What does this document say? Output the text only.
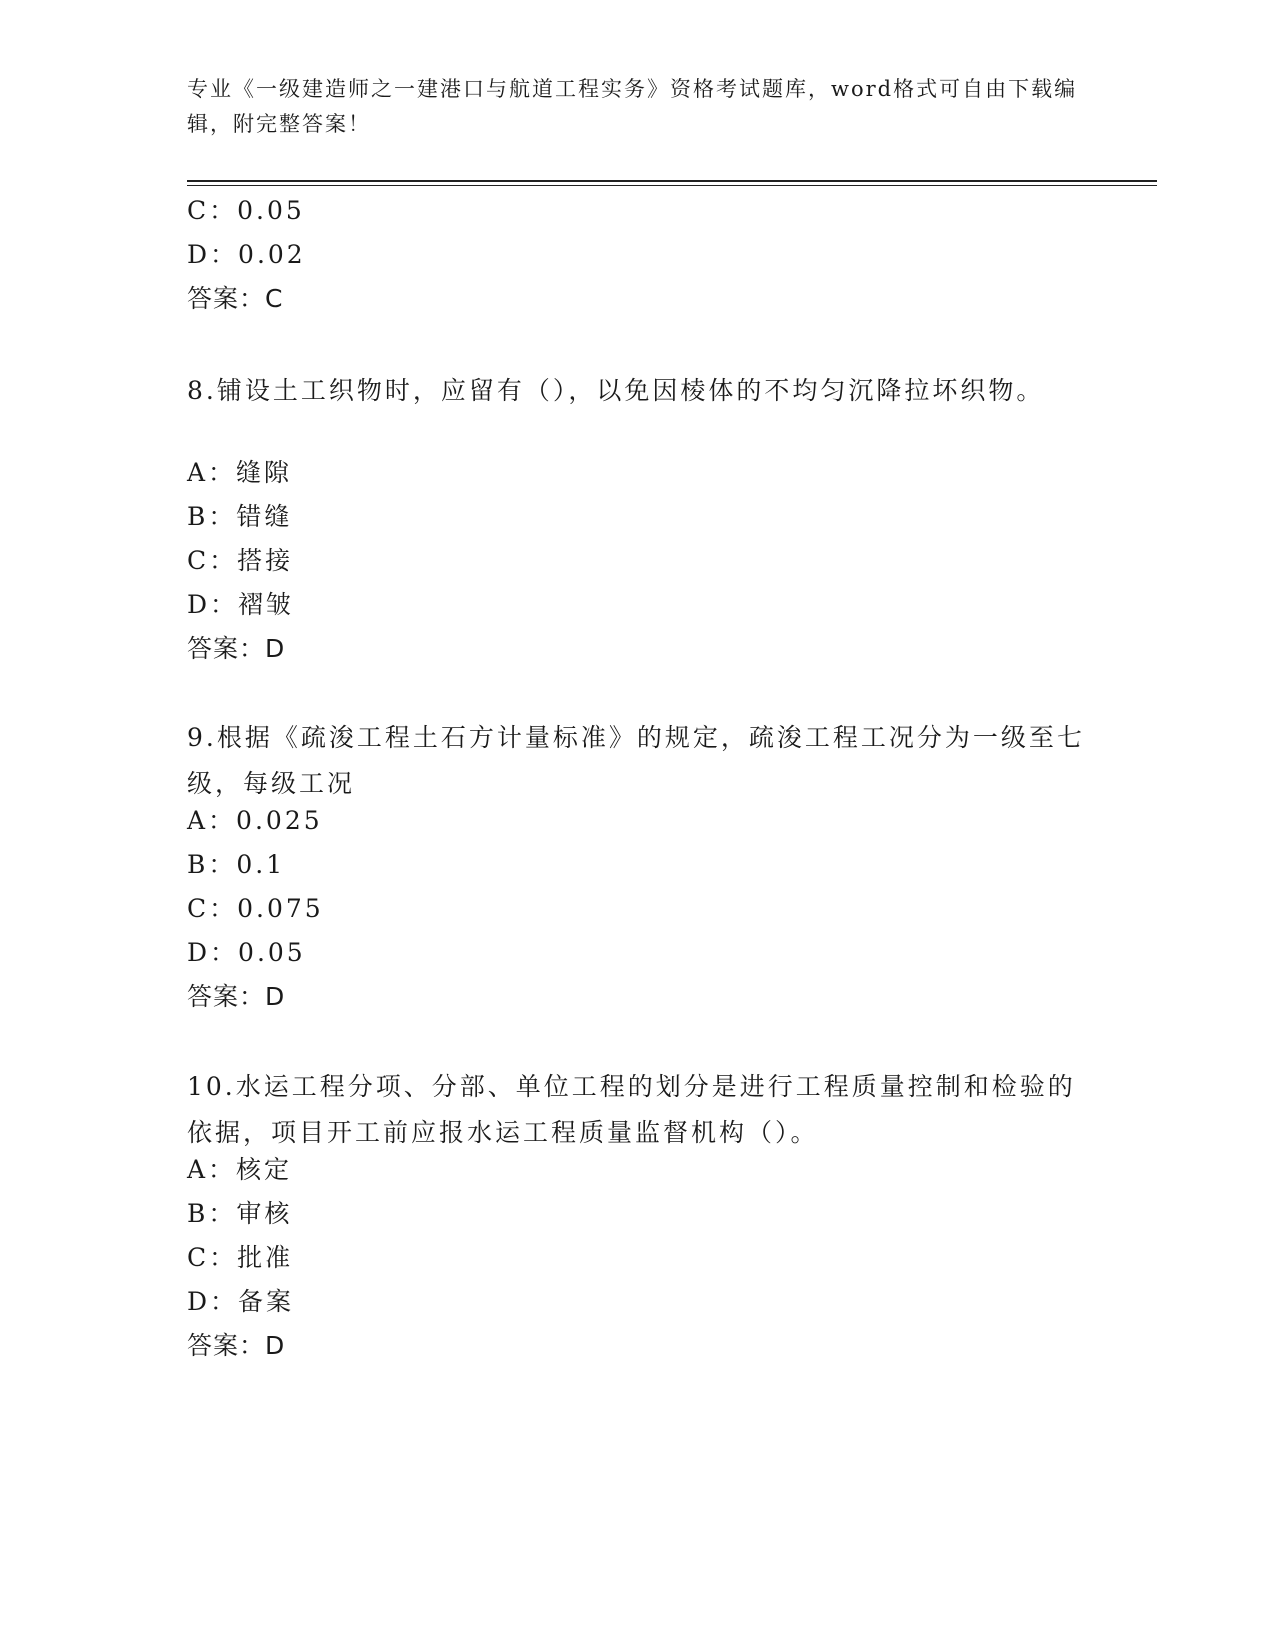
专业《一级建造师之一建港口与航道工程实务》资格考试题库，word格式可自由下载编辑，附完整答案！
C：0.05
D：0.02
答案：C
8.铺设土工织物时，应留有（），以免因棱体的不均匀沉降拉坏织物。
A：缝隙
B：错缝
C：搭接
D：褶皱
答案：D
9.根据《疏浚工程土石方计量标准》的规定，疏浚工程工况分为一级至七级，每级工况
A：0.025
B：0.1
C：0.075
D：0.05
答案：D
10.水运工程分项、分部、单位工程的划分是进行工程质量控制和检验的依据，项目开工前应报水运工程质量监督机构（）。
A：核定
B：审核
C：批准
D：备案
答案：D
